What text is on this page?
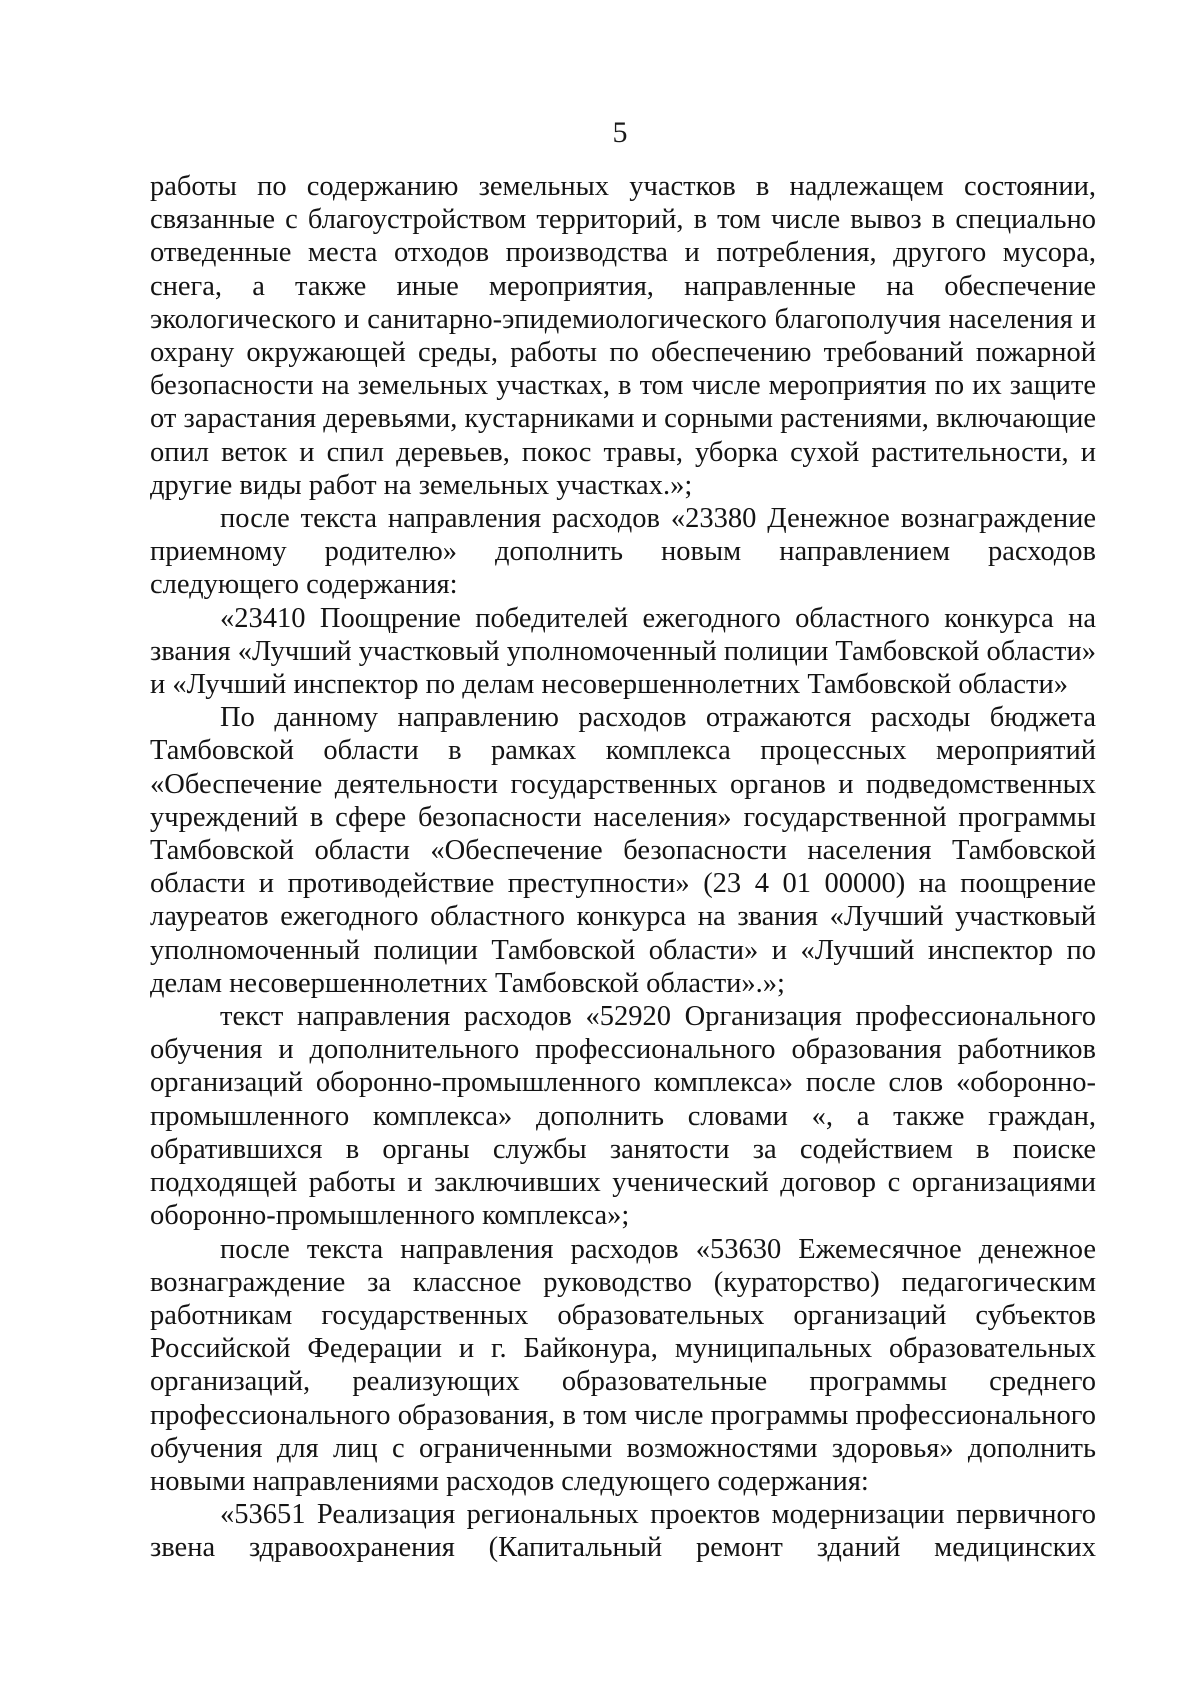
5

работы по содержанию земельных участков в надлежащем состоянии, связанные с благоустройством территорий, в том числе вывоз в специально отведенные места отходов производства и потребления, другого мусора, снега, а также иные мероприятия, направленные на обеспечение экологического и санитарно-эпидемиологического благополучия населения и охрану окружающей среды, работы по обеспечению требований пожарной безопасности на земельных участках, в том числе мероприятия по их защите от зарастания деревьями, кустарниками и сорными растениями, включающие опил веток и спил деревьев, покос травы, уборка сухой растительности, и другие виды работ на земельных участках.»;

после текста направления расходов «23380 Денежное вознаграждение приемному родителю» дополнить новым направлением расходов следующего содержания:

«23410 Поощрение победителей ежегодного областного конкурса на звания «Лучший участковый уполномоченный полиции Тамбовской области» и «Лучший инспектор по делам несовершеннолетних Тамбовской области»

По данному направлению расходов отражаются расходы бюджета Тамбовской области в рамках комплекса процессных мероприятий «Обеспечение деятельности государственных органов и подведомственных учреждений в сфере безопасности населения» государственной программы Тамбовской области «Обеспечение безопасности населения Тамбовской области и противодействие преступности» (23 4 01 00000) на поощрение лауреатов ежегодного областного конкурса на звания «Лучший участковый уполномоченный полиции Тамбовской области» и «Лучший инспектор по делам несовершеннолетних Тамбовской области».»;

текст направления расходов «52920 Организация профессионального обучения и дополнительного профессионального образования работников организаций оборонно-промышленного комплекса» после слов «оборонно-промышленного комплекса» дополнить словами «, а также граждан, обратившихся в органы службы занятости за содействием в поиске подходящей работы и заключивших ученический договор с организациями оборонно-промышленного комплекса»;

после текста направления расходов «53630 Ежемесячное денежное вознаграждение за классное руководство (кураторство) педагогическим работникам государственных образовательных организаций субъектов Российской Федерации и г. Байконура, муниципальных образовательных организаций, реализующих образовательные программы среднего профессионального образования, в том числе программы профессионального обучения для лиц с ограниченными возможностями здоровья» дополнить новыми направлениями расходов следующего содержания:

«53651 Реализация региональных проектов модернизации первичного звена здравоохранения (Капитальный ремонт зданий медицинских
